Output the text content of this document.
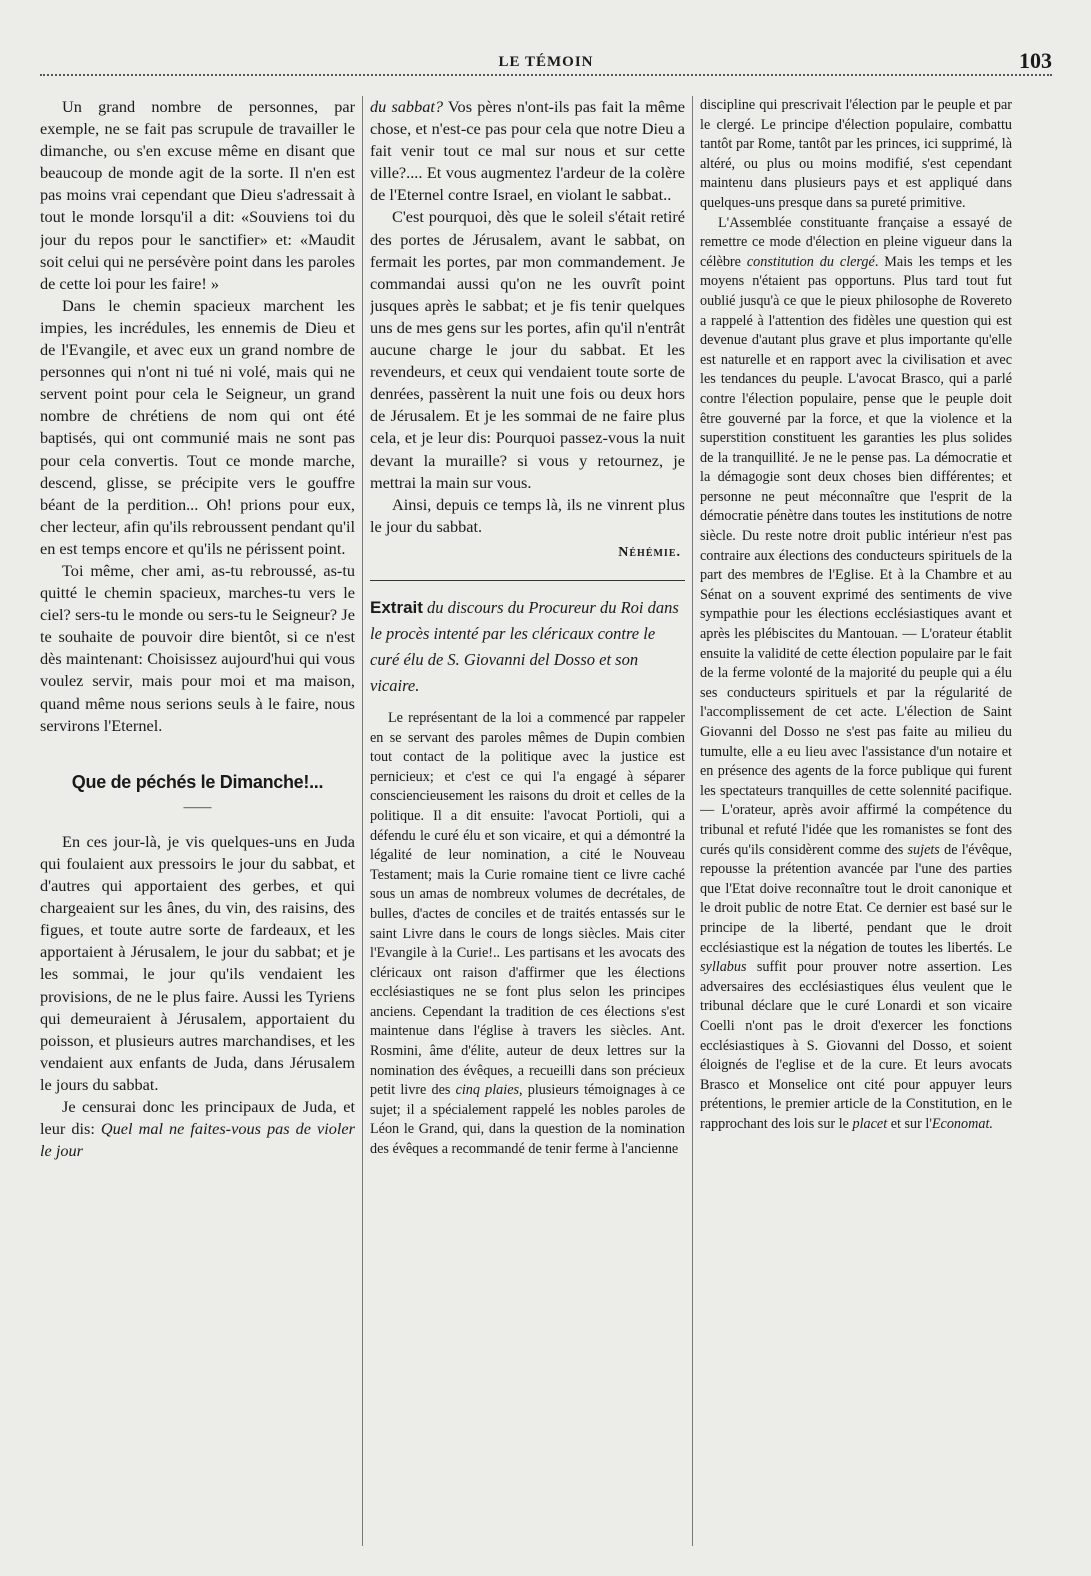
LE TÉMOIN	103

Un grand nombre de personnes, par exemple, ne se fait pas scrupule de travailler le dimanche, ou s'en excuse même en disant que beaucoup de monde agit de la sorte. Il n'en est pas moins vrai cependant que Dieu s'adressait à tout le monde lorsqu'il a dit: «Souviens toi du jour du repos pour le sanctifier» et: «Maudit soit celui qui ne persévère point dans les paroles de cette loi pour les faire! »

Dans le chemin spacieux marchent les impies, les incrédules, les ennemis de Dieu et de l'Evangile, et avec eux un grand nombre de personnes qui n'ont ni tué ni volé, mais qui ne servent point pour cela le Seigneur, un grand nombre de chrétiens de nom qui ont été baptisés, qui ont communié mais ne sont pas pour cela convertis. Tout ce monde marche, descend, glisse, se précipite vers le gouffre béant de la perdition... Oh! prions pour eux, cher lecteur, afin qu'ils rebroussent pendant qu'il en est temps encore et qu'ils ne périssent point.

Toi même, cher ami, as-tu rebroussé, as-tu quitté le chemin spacieux, marches-tu vers le ciel? sers-tu le monde ou sers-tu le Seigneur? Je te souhaite de pouvoir dire bientôt, si ce n'est dès maintenant: Choisissez aujourd'hui qui vous voulez servir, mais pour moi et ma maison, quand même nous serions seuls à le faire, nous servirons l'Eternel.

Que de péchés le Dimanche!...
——

En ces jour-là, je vis quelques-uns en Juda qui foulaient aux pressoirs le jour du sabbat, et d'autres qui apportaient des gerbes, et qui chargeaient sur les ânes, du vin, des raisins, des figues, et toute autre sorte de fardeaux, et les apportaient à Jérusalem, le jour du sabbat; et je les sommai, le jour qu'ils vendaient les provisions, de ne le plus faire. Aussi les Tyriens qui demeuraient à Jérusalem, apportaient du poisson, et plusieurs autres marchandises, et les vendaient aux enfants de Juda, dans Jérusalem le jours du sabbat.

Je censurai donc les principaux de Juda, et leur dis: Quel mal ne faites-vous pas de violer le jour

du sabbat? Vos pères n'ont-ils pas fait la même chose, et n'est-ce pas pour cela que notre Dieu a fait venir tout ce mal sur nous et sur cette ville?.... Et vous augmentez l'ardeur de la colère de l'Eternel contre Israel, en violant le sabbat..

C'est pourquoi, dès que le soleil s'était retiré des portes de Jérusalem, avant le sabbat, on fermait les portes, par mon commandement. Je commandai aussi qu'on ne les ouvrît point jusques après le sabbat; et je fis tenir quelques uns de mes gens sur les portes, afin qu'il n'entrât aucune charge le jour du sabbat. Et les revendeurs, et ceux qui vendaient toute sorte de denrées, passèrent la nuit une fois ou deux hors de Jérusalem. Et je les sommai de ne faire plus cela, et je leur dis: Pourquoi passez-vous la nuit devant la muraille? si vous y retournez, je mettrai la main sur vous.

Ainsi, depuis ce temps là, ils ne vinrent plus le jour du sabbat.

Néhémie.
Extrait du discours du Procureur du Roi dans le procès intenté par les cléricaux contre le curé élu de S. Giovanni del Dosso et son vicaire.

Le représentant de la loi a commencé par rappeler en se servant des paroles mêmes de Dupin combien tout contact de la politique avec la justice est pernicieux; et c'est ce qui l'a engagé à séparer consciencieusement les raisons du droit et celles de la politique. Il a dit ensuite: l'avocat Portioli, qui a défendu le curé élu et son vicaire, et qui a démontré la légalité de leur nomination, a cité le Nouveau Testament; mais la Curie romaine tient ce livre caché sous un amas de nombreux volumes de decrétales, de bulles, d'actes de conciles et de traités entassés sur le saint Livre dans le cours de longs siècles. Mais citer l'Evangile à la Curie!.. Les partisans et les avocats des cléricaux ont raison d'affirmer que les élections ecclésiastiques ne se font plus selon les principes anciens. Cependant la tradition de ces élections s'est maintenue dans l'église à travers les siècles. Ant. Rosmini, âme d'élite, auteur de deux lettres sur la nomination des évêques, a recueilli dans son précieux petit livre des cinq plaies, plusieurs témoignages à ce sujet; il a spécialement rappelé les nobles paroles de Léon le Grand, qui, dans la question de la nomination des évêques a recommandé de tenir ferme à l'ancienne

discipline qui prescrivait l'élection par le peuple et par le clergé. Le principe d'élection populaire, combattu tantôt par Rome, tantôt par les princes, ici supprimé, là altéré, ou plus ou moins modifié, s'est cependant maintenu dans plusieurs pays et est appliqué dans quelques-uns presque dans sa pureté primitive.

L'Assemblée constituante française a essayé de remettre ce mode d'élection en pleine vigueur dans la célèbre constitution du clergé. Mais les temps et les moyens n'étaient pas opportuns. Plus tard tout fut oublié jusqu'à ce que le pieux philosophe de Rovereto a rappelé à l'attention des fidèles une question qui est devenue d'autant plus grave et plus importante qu'elle est naturelle et en rapport avec la civilisation et avec les tendances du peuple. L'avocat Brasco, qui a parlé contre l'élection populaire, pense que le peuple doit être gouverné par la force, et que la violence et la superstition constituent les garanties les plus solides de la tranquillité. Je ne le pense pas. La démocratie et la démagogie sont deux choses bien différentes; et personne ne peut méconnaître que l'esprit de la démocratie pénètre dans toutes les institutions de notre siècle. Du reste notre droit public intérieur n'est pas contraire aux élections des conducteurs spirituels de la part des membres de l'Eglise. Et à la Chambre et au Sénat on a souvent exprimé des sentiments de vive sympathie pour les élections ecclésiastiques avant et après les plébiscites du Mantouan. — L'orateur établit ensuite la validité de cette élection populaire par le fait de la ferme volonté de la majorité du peuple qui a élu ses conducteurs spirituels et par la régularité de l'accomplissement de cet acte. L'élection de Saint Giovanni del Dosso ne s'est pas faite au milieu du tumulte, elle a eu lieu avec l'assistance d'un notaire et en présence des agents de la force publique qui furent les spectateurs tranquilles de cette solennité pacifique. — L'orateur, après avoir affirmé la compétence du tribunal et refuté l'idée que les romanistes se font des curés qu'ils considèrent comme des sujets de l'évêque, repousse la prétention avancée par l'une des parties que l'Etat doive reconnaître tout le droit canonique et le droit public de notre Etat. Ce dernier est basé sur le principe de la liberté, pendant que le droit ecclésiastique est la négation de toutes les libertés. Le syllabus suffit pour prouver notre assertion. Les adversaires des ecclésiastiques élus veulent que le tribunal déclare que le curé Lonardi et son vicaire Coelli n'ont pas le droit d'exercer les fonctions ecclésiastiques à S. Giovanni del Dosso, et soient éloignés de l'eglise et de la cure. Et leurs avocats Brasco et Monselice ont cité pour appuyer leurs prétentions, le premier article de la Constitution, en le rapprochant des lois sur le placet et sur l'Economat.
